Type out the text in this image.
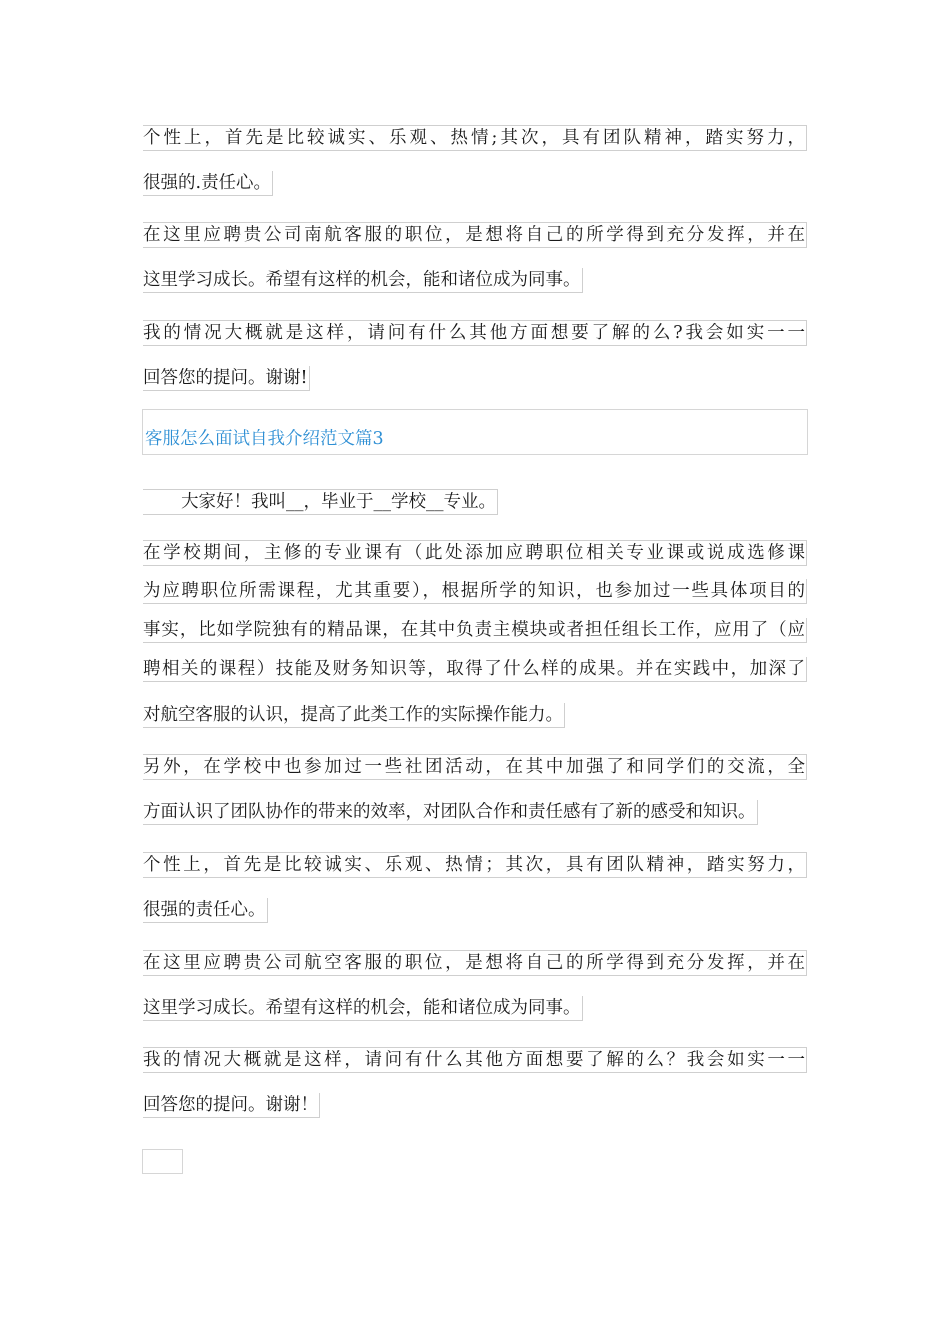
个性上，首先是比较诚实、乐观、热情;其次，具有团队精神，踏实努力，
很强的.责任心。
在这里应聘贵公司南航客服的职位，是想将自己的所学得到充分发挥，并在
这里学习成长。希望有这样的机会，能和诸位成为同事。
我的情况大概就是这样，请问有什么其他方面想要了解的么?我会如实一一
回答您的提问。谢谢!
客服怎么面试自我介绍范文篇3
大家好！我叫__，毕业于__学校__专业。
在学校期间，主修的专业课有（此处添加应聘职位相关专业课或说成选修课
为应聘职位所需课程，尤其重要），根据所学的知识，也参加过一些具体项目的
事实，比如学院独有的精品课，在其中负责主模块或者担任组长工作，应用了（应
聘相关的课程）技能及财务知识等，取得了什么样的成果。并在实践中，加深了
对航空客服的认识，提高了此类工作的实际操作能力。
另外，在学校中也参加过一些社团活动，在其中加强了和同学们的交流，全
方面认识了团队协作的带来的效率，对团队合作和责任感有了新的感受和知识。
个性上，首先是比较诚实、乐观、热情；其次，具有团队精神，踏实努力，
很强的责任心。
在这里应聘贵公司航空客服的职位，是想将自己的所学得到充分发挥，并在
这里学习成长。希望有这样的机会，能和诸位成为同事。
我的情况大概就是这样，请问有什么其他方面想要了解的么？我会如实一一
回答您的提问。谢谢！
